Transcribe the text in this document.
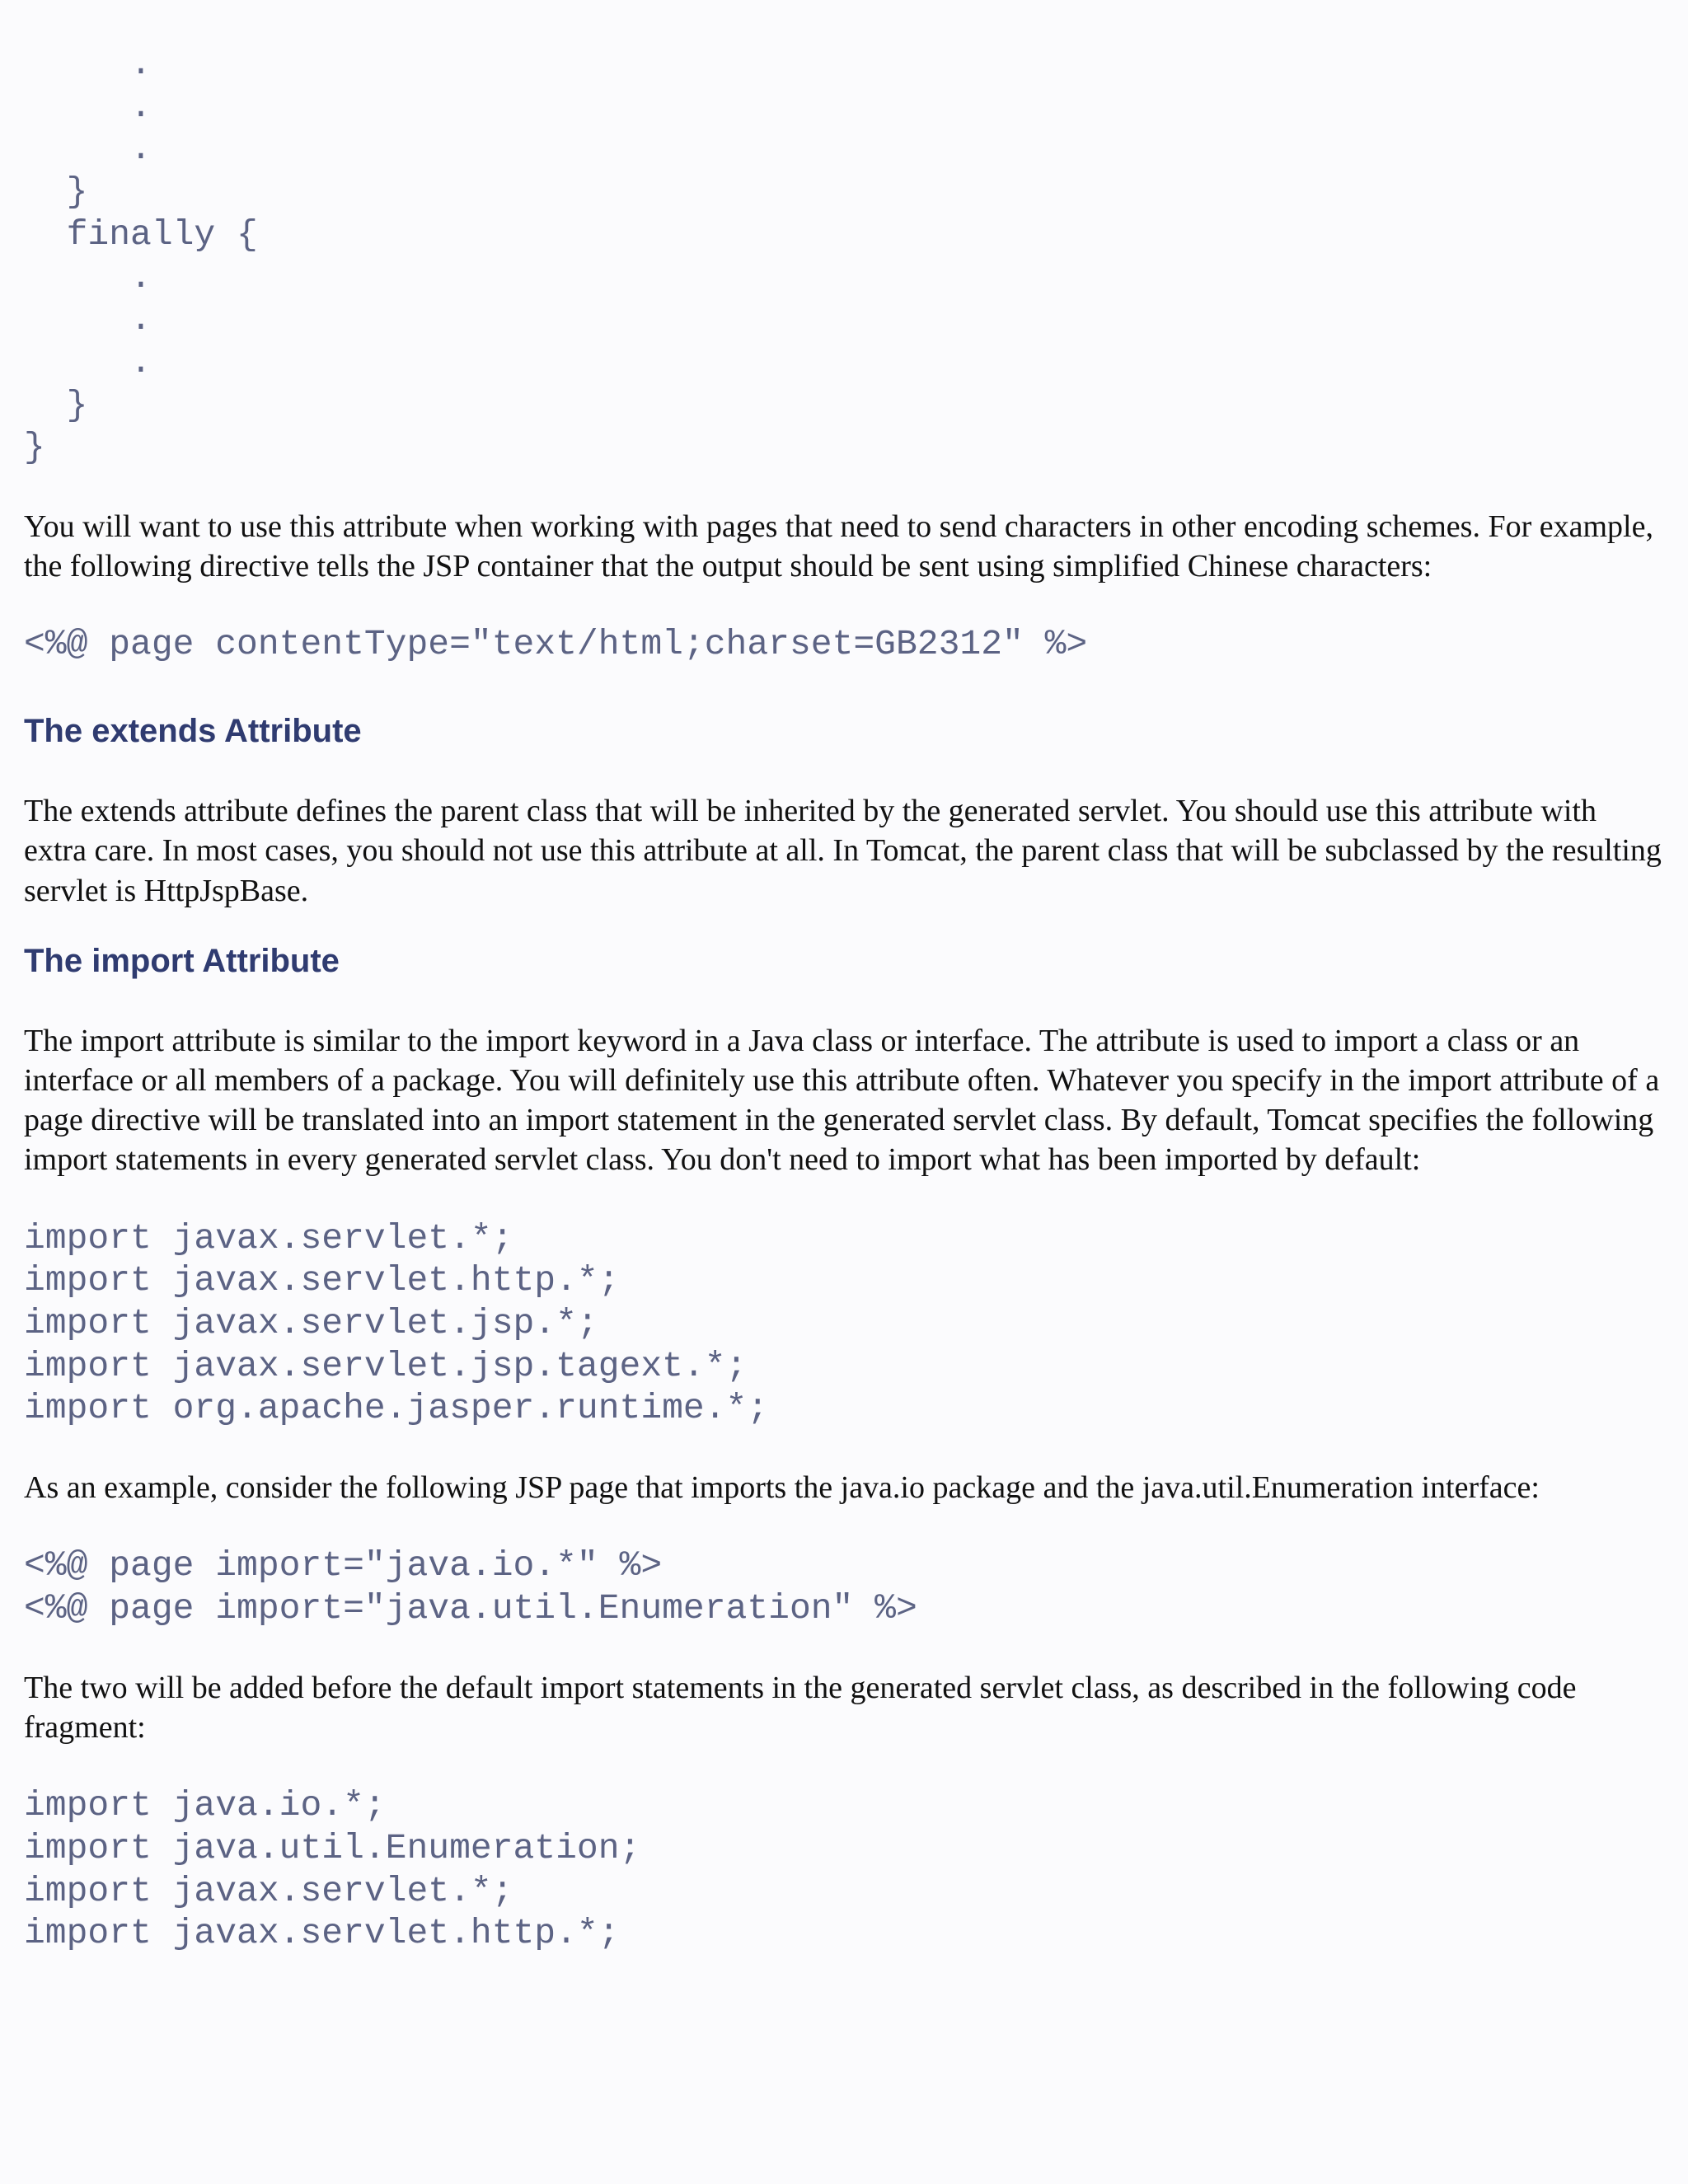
.
.
.
}
finally {
.
.
.
}
}

You will want to use this attribute when working with pages that need to send characters in other encoding schemes. For example, the following directive tells the JSP container that the output should be sent using simplified Chinese characters:

<%@ page contentType="text/html;charset=GB2312" %>
The extends Attribute

The extends attribute defines the parent class that will be inherited by the generated servlet. You should use this attribute with extra care. In most cases, you should not use this attribute at all. In Tomcat, the parent class that will be subclassed by the resulting servlet is HttpJspBase.

The import Attribute

The import attribute is similar to the import keyword in a Java class or interface. The attribute is used to import a class or an interface or all members of a package. You will definitely use this attribute often. Whatever you specify in the import attribute of a page directive will be translated into an import statement in the generated servlet class. By default, Tomcat specifies the following import statements in every generated servlet class. You don't need to import what has been imported by default:

import javax.servlet.*;
import javax.servlet.http.*;
import javax.servlet.jsp.*;
import javax.servlet.jsp.tagext.*;
import org.apache.jasper.runtime.*;

As an example, consider the following JSP page that imports the java.io package and the java.util.Enumeration interface:

<%@ page import="java.io.*" %>
<%@ page import="java.util.Enumeration" %>

The two will be added before the default import statements in the generated servlet class, as described in the following code fragment:

import java.io.*;
import java.util.Enumeration;
import javax.servlet.*;
import javax.servlet.http.*;
